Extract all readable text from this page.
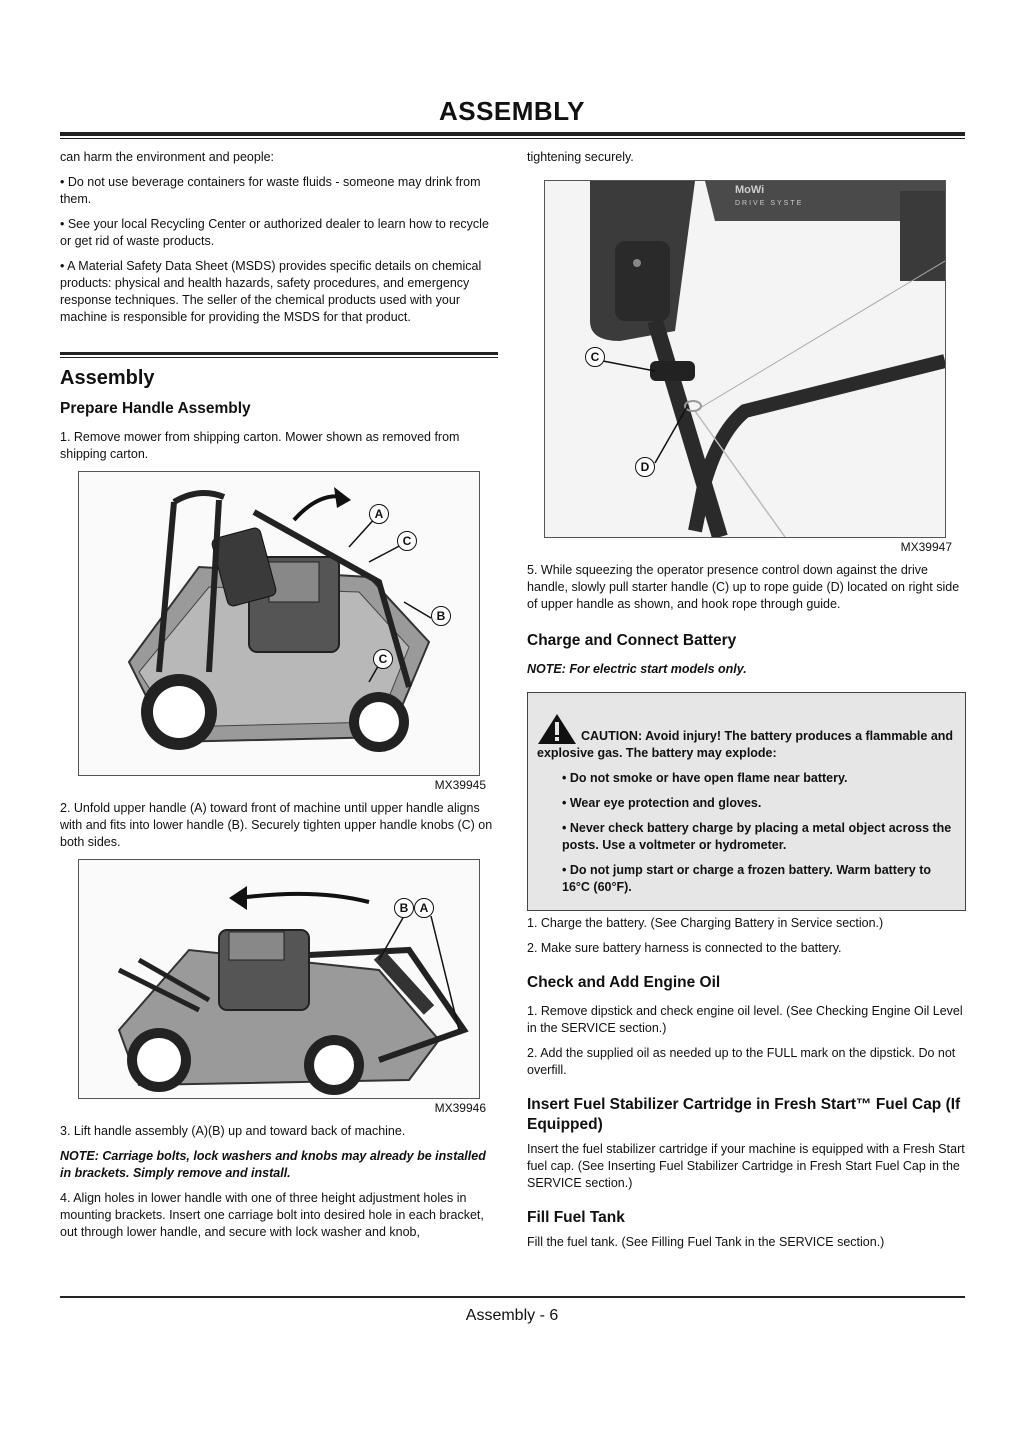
ASSEMBLY

can harm the environment and people:

• Do not use beverage containers for waste fluids - someone may drink from them.

• See your local Recycling Center or authorized dealer to learn how to recycle or get rid of waste products.

• A Material Safety Data Sheet (MSDS) provides specific details on chemical products: physical and health hazards, safety procedures, and emergency response techniques. The seller of the chemical products used with your machine is responsible for providing the MSDS for that product.

Assembly
Prepare Handle Assembly

1. Remove mower from shipping carton. Mower shown as removed from shipping carton.

A
C
B
C
MX39945

2. Unfold upper handle (A) toward front of machine until upper handle aligns with and fits into lower handle (B). Securely tighten upper handle knobs (C) on both sides.

B A
MX39946

3. Lift handle assembly (A)(B) up and toward back of machine.

NOTE: Carriage bolts, lock washers and knobs may already be installed in brackets. Simply remove and install.

4. Align holes in lower handle with one of three height adjustment holes in mounting brackets. Insert one carriage bolt into desired hole in each bracket, out through lower handle, and secure with lock washer and knob,

tightening securely.

MoWi
DRIVE SYSTE
C
D
MX39947

5. While squeezing the operator presence control down against the drive handle, slowly pull starter handle (C) up to rope guide (D) located on right side of upper handle as shown, and hook rope through guide.

Charge and Connect Battery

NOTE: For electric start models only.

CAUTION: Avoid injury! The battery produces a flammable and explosive gas. The battery may explode:
• Do not smoke or have open flame near battery.
• Wear eye protection and gloves.
• Never check battery charge by placing a metal object across the posts. Use a voltmeter or hydrometer.
• Do not jump start or charge a frozen battery. Warm battery to 16°C (60°F).

1. Charge the battery. (See Charging Battery in Service section.)

2. Make sure battery harness is connected to the battery.

Check and Add Engine Oil

1. Remove dipstick and check engine oil level. (See Checking Engine Oil Level in the SERVICE section.)

2. Add the supplied oil as needed up to the FULL mark on the dipstick. Do not overfill.

Insert Fuel Stabilizer Cartridge in Fresh Start™ Fuel Cap (If Equipped)

Insert the fuel stabilizer cartridge if your machine is equipped with a Fresh Start fuel cap. (See Inserting Fuel Stabilizer Cartridge in Fresh Start Fuel Cap in the SERVICE section.)

Fill Fuel Tank

Fill the fuel tank. (See Filling Fuel Tank in the SERVICE section.)

Assembly - 6
